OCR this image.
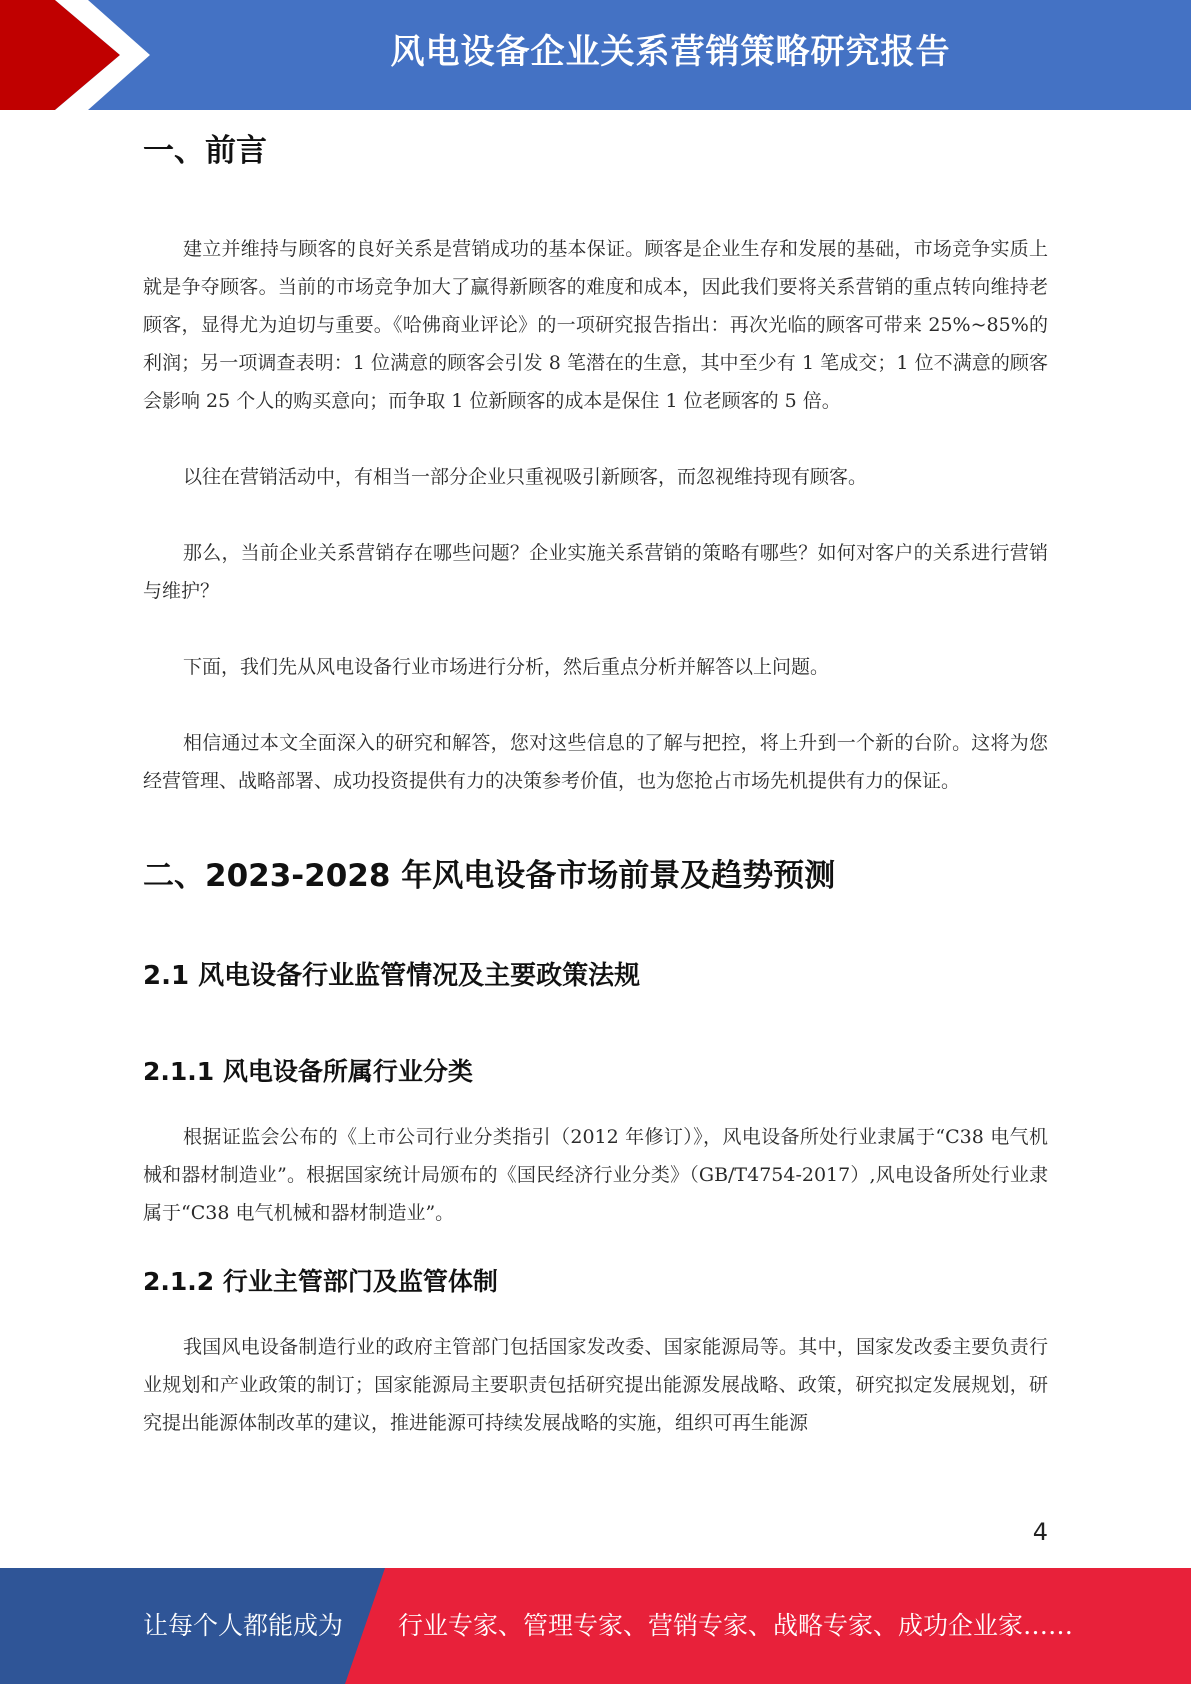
风电设备企业关系营销策略研究报告
一、前言

建立并维持与顾客的良好关系是营销成功的基本保证。顾客是企业生存和发展的基础，市场竞争实质上就是争夺顾客。当前的市场竞争加大了赢得新顾客的难度和成本，因此我们要将关系营销的重点转向维持老顾客，显得尤为迫切与重要。《哈佛商业评论》的一项研究报告指出：再次光临的顾客可带来 25%~85%的利润；另一项调查表明：1 位满意的顾客会引发 8 笔潜在的生意，其中至少有 1 笔成交；1 位不满意的顾客会影响 25 个人的购买意向；而争取 1 位新顾客的成本是保住 1 位老顾客的 5 倍。

以往在营销活动中，有相当一部分企业只重视吸引新顾客，而忽视维持现有顾客。

那么，当前企业关系营销存在哪些问题？企业实施关系营销的策略有哪些？如何对客户的关系进行营销与维护？

下面，我们先从风电设备行业市场进行分析，然后重点分析并解答以上问题。

相信通过本文全面深入的研究和解答，您对这些信息的了解与把控，将上升到一个新的台阶。这将为您经营管理、战略部署、成功投资提供有力的决策参考价值，也为您抢占市场先机提供有力的保证。

二、2023-2028 年风电设备市场前景及趋势预测
2.1 风电设备行业监管情况及主要政策法规
2.1.1 风电设备所属行业分类

根据证监会公布的《上市公司行业分类指引（2012 年修订）》，风电设备所处行业隶属于“C38 电气机械和器材制造业”。根据国家统计局颁布的《国民经济行业分类》（GB/T4754-2017）,风电设备所处行业隶属于“C38 电气机械和器材制造业”。

2.1.2 行业主管部门及监管体制

我国风电设备制造行业的政府主管部门包括国家发改委、国家能源局等。其中，国家发改委主要负责行业规划和产业政策的制订；国家能源局主要职责包括研究提出能源发展战略、政策，研究拟定发展规划，研究提出能源体制改革的建议，推进能源可持续发展战略的实施，组织可再生能源

4
让每个人都能成为 行业专家、管理专家、营销专家、战略专家、成功企业家……
